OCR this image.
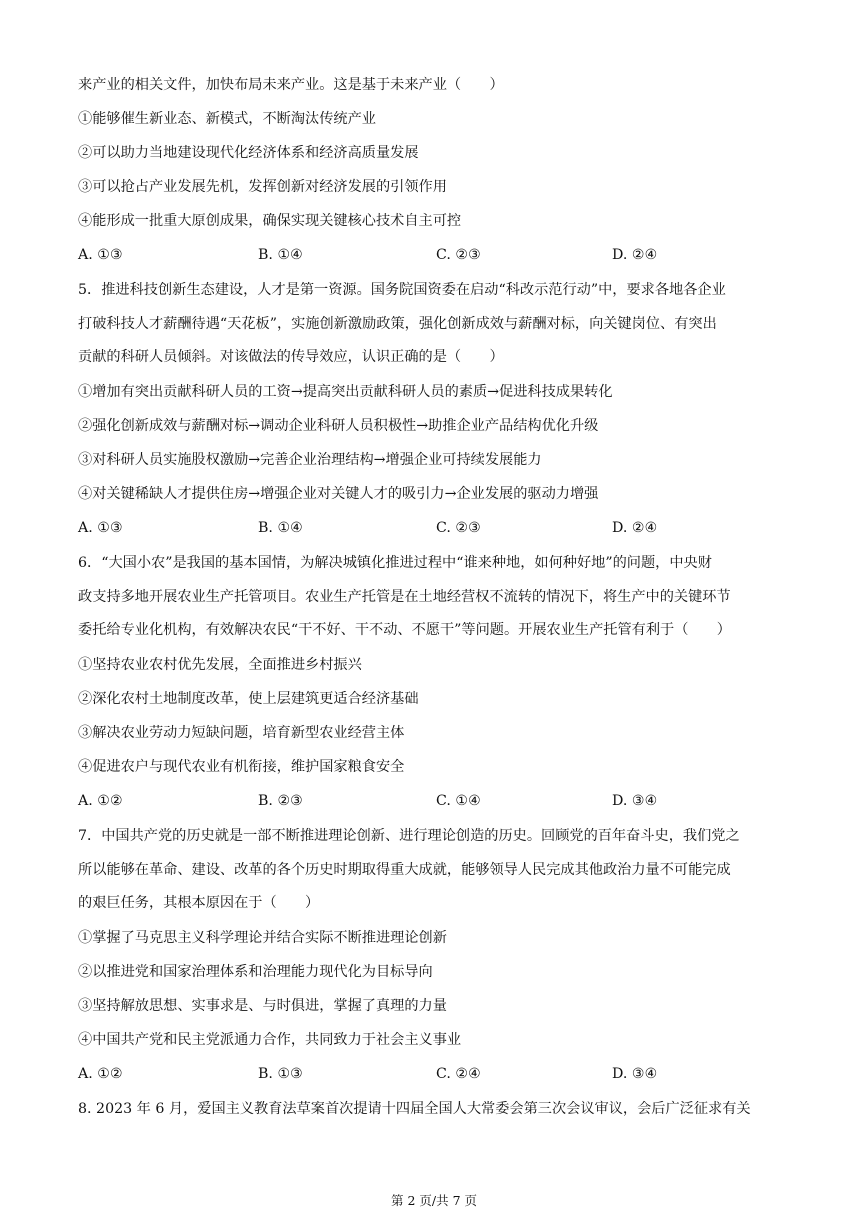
来产业的相关文件，加快布局未来产业。这是基于未来产业（　　）
①能够催生新业态、新模式，不断淘汰传统产业
②可以助力当地建设现代化经济体系和经济高质量发展
③可以抢占产业发展先机，发挥创新对经济发展的引领作用
④能形成一批重大原创成果，确保实现关键核心技术自主可控
A. ①③	B. ①④	C. ②③	D. ②④
5．推进科技创新生态建设，人才是第一资源。国务院国资委在启动“科改示范行动”中，要求各地各企业
打破科技人才薪酬待遇“天花板”，实施创新激励政策，强化创新成效与薪酬对标，向关键岗位、有突出
贡献的科研人员倾斜。对该做法的传导效应，认识正确的是（　　）
①增加有突出贡献科研人员的工资→提高突出贡献科研人员的素质→促进科技成果转化
②强化创新成效与薪酬对标→调动企业科研人员积极性→助推企业产品结构优化升级
③对科研人员实施股权激励→完善企业治理结构→增强企业可持续发展能力
④对关键稀缺人才提供住房→增强企业对关键人才的吸引力→企业发展的驱动力增强
A. ①③	B. ①④	C. ②③	D. ②④
6．“大国小农”是我国的基本国情，为解决城镇化推进过程中“谁来种地，如何种好地”的问题，中央财
政支持多地开展农业生产托管项目。农业生产托管是在土地经营权不流转的情况下，将生产中的关键环节
委托给专业化机构，有效解决农民“干不好、干不动、不愿干”等问题。开展农业生产托管有利于（　　）
①坚持农业农村优先发展，全面推进乡村振兴
②深化农村土地制度改革，使上层建筑更适合经济基础
③解决农业劳动力短缺问题，培育新型农业经营主体
④促进农户与现代农业有机衔接，维护国家粮食安全
A. ①②	B. ②③	C. ①④	D. ③④
7．中国共产党的历史就是一部不断推进理论创新、进行理论创造的历史。回顾党的百年奋斗史，我们党之
所以能够在革命、建设、改革的各个历史时期取得重大成就，能够领导人民完成其他政治力量不可能完成
的艰巨任务，其根本原因在于（　　）
①掌握了马克思主义科学理论并结合实际不断推进理论创新
②以推进党和国家治理体系和治理能力现代化为目标导向
③坚持解放思想、实事求是、与时俱进，掌握了真理的力量
④中国共产党和民主党派通力合作，共同致力于社会主义事业
A. ①②	B. ①③	C. ②④	D. ③④
8. 2023 年 6 月，爱国主义教育法草案首次提请十四届全国人大常委会第三次会议审议，会后广泛征求有关
第 2 页/共 7 页
